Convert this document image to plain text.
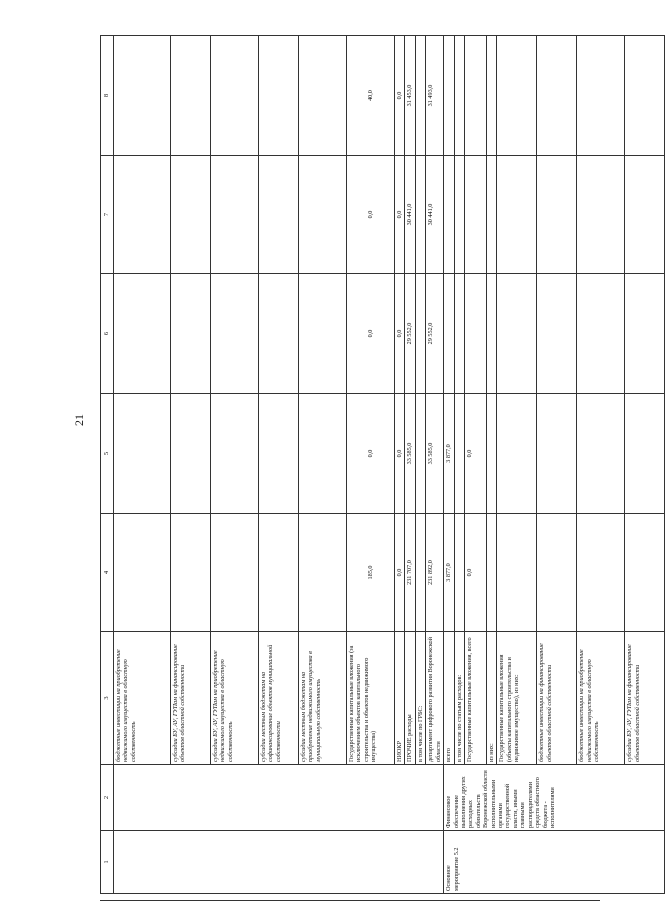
21
1	2	3	4	5	6	7	8
		бюджетные инвестиции на приобретение недвижимого имущества в областную собственность					
		субсидии БУ, АУ, ГУПам на финансирование объектов областной собственности					
		субсидии БУ, АУ, ГУПам на приобретение недвижимого имущества в областную собственность					
		субсидии местным бюджетам на софинансирование объектов муниципальной собственности					
		субсидии местным бюджетам на приобретение недвижимого имущества в муниципальную собственность					
		Государственные капитальные вложения (за исключением объектов капитального строительства и объектов недвижимого имущества)	185,0	0,0	0,0	0,0	40,0
		НИОКР	0,0	0,0	0,0	0,0	0,0
		ПРОЧИЕ расходы	231 707,0	33 585,0	29 552,0	30 441,0	31 453,0
		в том числе по ГРБС:					
		департамент цифрового развития Воронежской области	231 892,0	33 585,0	29 552,0	30 441,0	31 493,0
Основное мероприятие 5.2	Финансовое обеспечение выполнения других расходных обязательств Воронежской области исполнительными органами государственной власти, иными главными распорядителями средств областного бюджета - исполнителями	всего	3 877,0	3 877,0			
		в том числе по статьям расходов:					
		Государственные капитальные вложения, всего	0,0	0,0			
		из них:					
		Государственные капитальные вложения (объекты капитального строительства и недвижимое имущество), из них:					
		бюджетные инвестиции на финансирование объектов областной собственности					
		бюджетные инвестиции на приобретение недвижимого имущества в областную собственность					
		субсидии БУ, АУ, ГУПам на финансирование объектов областной собственности					
